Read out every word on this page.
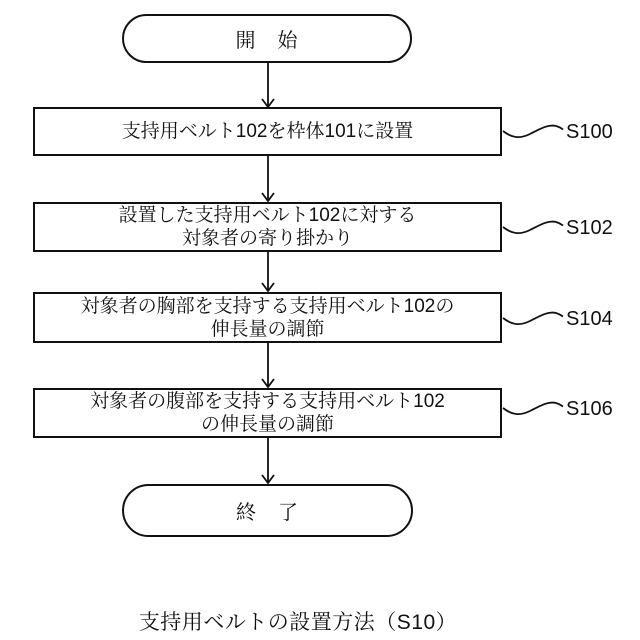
開　始
支持用ベルト102を枠体101に設置	S100
設置した支持用ベルト102に対する
対象者の寄り掛かり	S102
対象者の胸部を支持する支持用ベルト102の
伸長量の調節	S104
対象者の腹部を支持する支持用ベルト102
の伸長量の調節
S106
終　了
支持用ベルトの設置方法（S10）
